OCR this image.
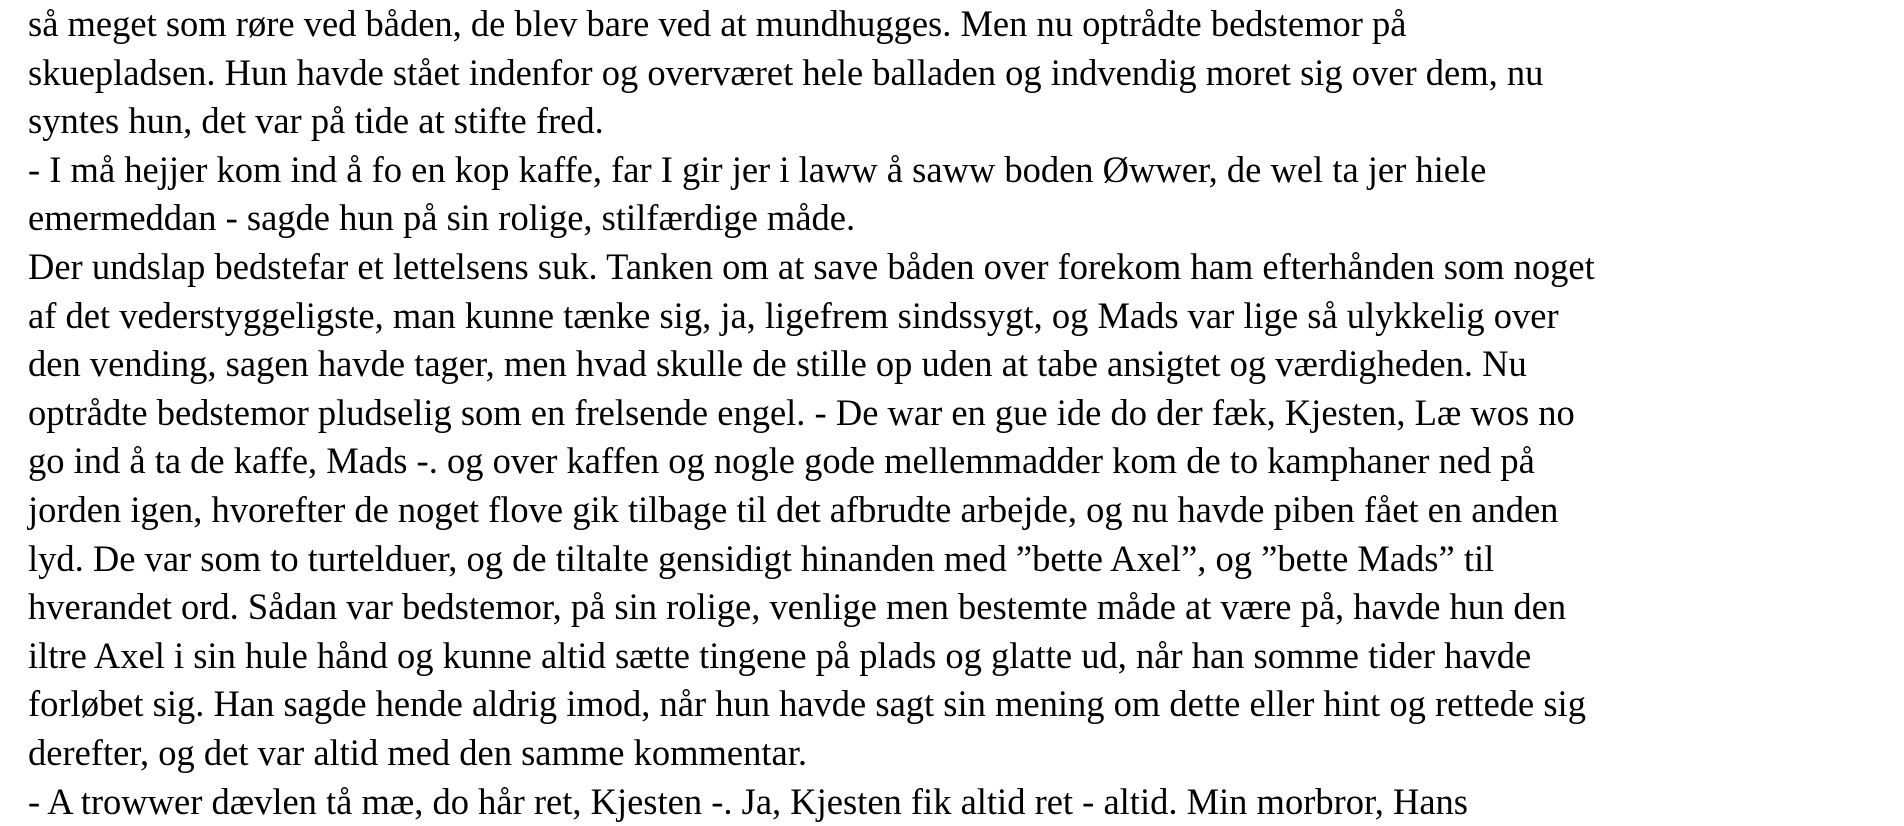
så meget som røre ved båden, de blev bare ved at mundhugges. Men nu optrådte bedstemor på
skuepladsen. Hun havde stået indenfor og overværet hele balladen og indvendig moret sig over dem, nu
syntes hun, det var på tide at stifte fred.
- I må hejjer kom ind å fo en kop kaffe, far I gir jer i laww å saww boden Øwwer, de wel ta jer hiele
emermeddan - sagde hun på sin rolige, stilfærdige måde.
Der undslap bedstefar et lettelsens suk. Tanken om at save båden over forekom ham efterhånden som noget
af det vederstyggeligste, man kunne tænke sig, ja, ligefrem sindssygt, og Mads var lige så ulykkelig over
den vending, sagen havde tager, men hvad skulle de stille op uden at tabe ansigtet og værdigheden. Nu
optrådte bedstemor pludselig som en frelsende engel. - De war en gue ide do der fæk, Kjesten, Læ wos no
go ind å ta de kaffe, Mads -. og over kaffen og nogle gode mellemmadder kom de to kamphaner ned på
jorden igen, hvorefter de noget flove gik tilbage til det afbrudte arbejde, og nu havde piben fået en anden
lyd. De var som to turtelduer, og de tiltalte gensidigt hinanden med ”bette Axel”, og ”bette Mads” til
hverandet ord. Sådan var bedstemor, på sin rolige, venlige men bestemte måde at være på, havde hun den
iltre Axel i sin hule hånd og kunne altid sætte tingene på plads og glatte ud, når han somme tider havde
forløbet sig. Han sagde hende aldrig imod, når hun havde sagt sin mening om dette eller hint og rettede sig
derefter, og det var altid med den samme kommentar.
- A trowwer dævlen tå mæ, do hår ret, Kjesten -. Ja, Kjesten fik altid ret - altid. Min morbror, Hans
